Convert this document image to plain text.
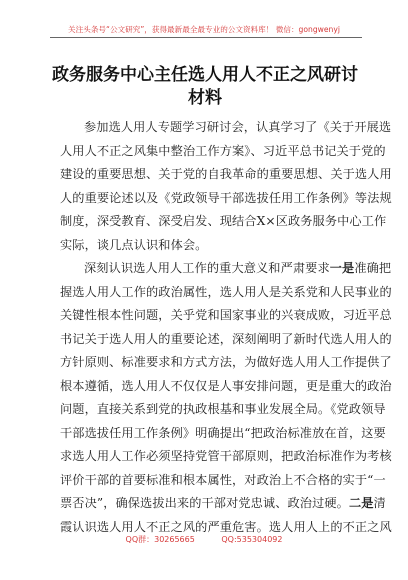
关注头条号“公文研究”，获得最新最全最专业的公文资料库！ 微信：gongwenyj
政务服务中心主任选人用人不正之风研讨
材料
参加选人用人专题学习研讨会，认真学习了《关于开展选
人用人不正之风集中整治工作方案》、习近平总书记关于党的
建设的重要思想、关于党的自我革命的重要思想、关于选人用
人的重要论述以及《党政领导干部选拔任用工作条例》等法规
制度，深受教育、深受启发、现结合X×区政务服务中心工作
实际，谈几点认识和体会。
深刻认识选人用人工作的重大意义和严肃要求一是准确把
握选人用人工作的政治属性，选人用人是关系党和人民事业的
关键性根本性问题，关乎党和国家事业的兴衰成败，习近平总
书记关于选人用人的重要论述，深刻阐明了新时代选人用人的
方针原则、标准要求和方式方法，为做好选人用人工作提供了
根本遵循，选人用人不仅仅是人事安排问题，更是重大的政治
问题，直接关系到党的执政根基和事业发展全局。《党政领导
干部选拔任用工作条例》明确提出“把政治标准放在首，这要
求选人用人工作必须坚持党管干部原则，把政治标准作为考核
评价干部的首要标准和根本属性，对政治上不合格的实于“一
票否决”，确保选拔出来的干部对党忠诚、政治过硬。二是清
霞认识选人用人不正之风的严重危害。选人用人上的不正之风
QQ群：30265665	QQ:535304092
